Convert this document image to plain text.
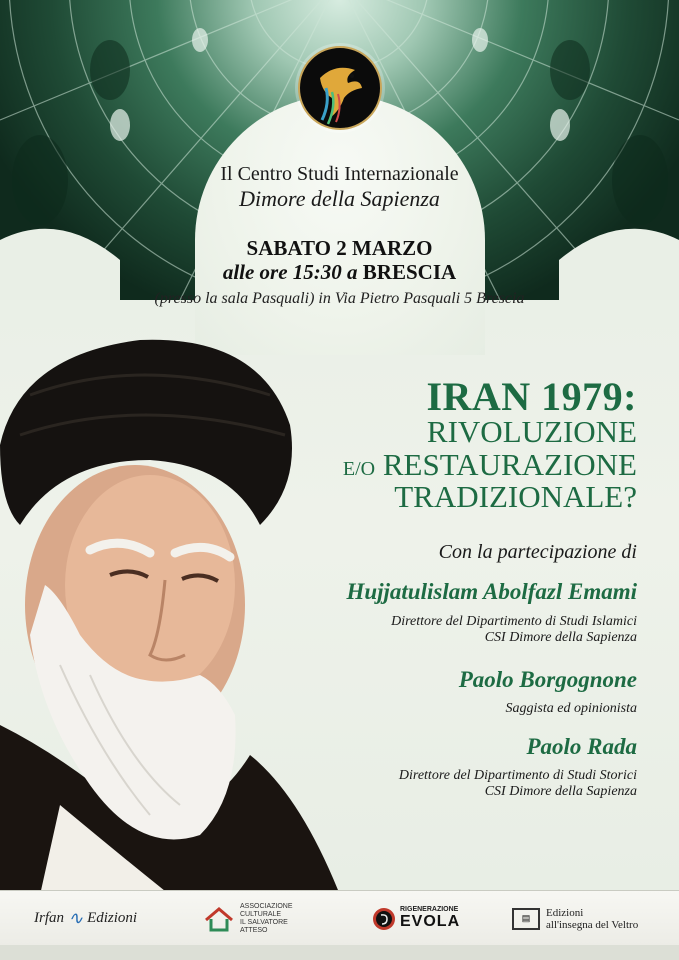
Il Centro Studi Internazionale
Dimore della Sapienza
SABATO 2 MARZO
alle ore 15:30 a BRESCIA
(presso la sala Pasquali) in Via Pietro Pasquali 5 Brescia
IRAN 1979:
RIVOLUZIONE
E/O RESTAURAZIONE
TRADIZIONALE?
Con la partecipazione di
Hujjatulislam Abolfazl Emami
Direttore del Dipartimento di Studi Islamici
CSI Dimore della Sapienza
Paolo Borgognone
Saggista ed opinionista
Paolo Rada
Direttore del Dipartimento di Studi Storici
CSI Dimore della Sapienza
Irfan ∿ Edizioni
ASSOCIAZIONE
CULTURALE
IL SALVATORE
ATTESO
RIGENERAZIONE
EVOLA	▤	Edizioni
all'insegna del Veltro
